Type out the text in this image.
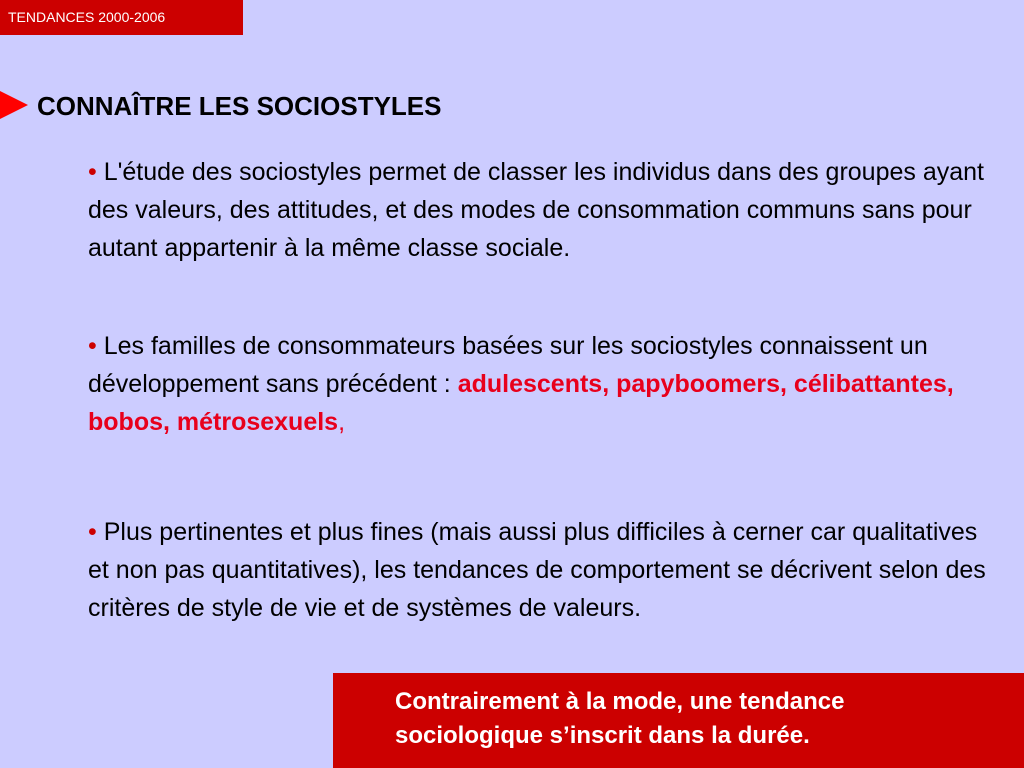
TENDANCES 2000-2006
CONNAÎTRE LES SOCIOSTYLES

• L'étude des sociostyles permet de classer les individus dans des groupes ayant des valeurs, des attitudes, et des modes de consommation communs sans pour autant appartenir à la même classe sociale.

• Les familles de consommateurs basées sur les sociostyles connaissent un développement sans précédent : adulescents, papyboomers, célibattantes, bobos, métrosexuels,

• Plus pertinentes et plus fines (mais aussi plus difficiles à cerner car qualitatives et non pas quantitatives), les tendances de comportement se décrivent selon des critères de style de vie et de systèmes de valeurs.

Contrairement à la mode, une tendance
sociologique s’inscrit dans la durée.
